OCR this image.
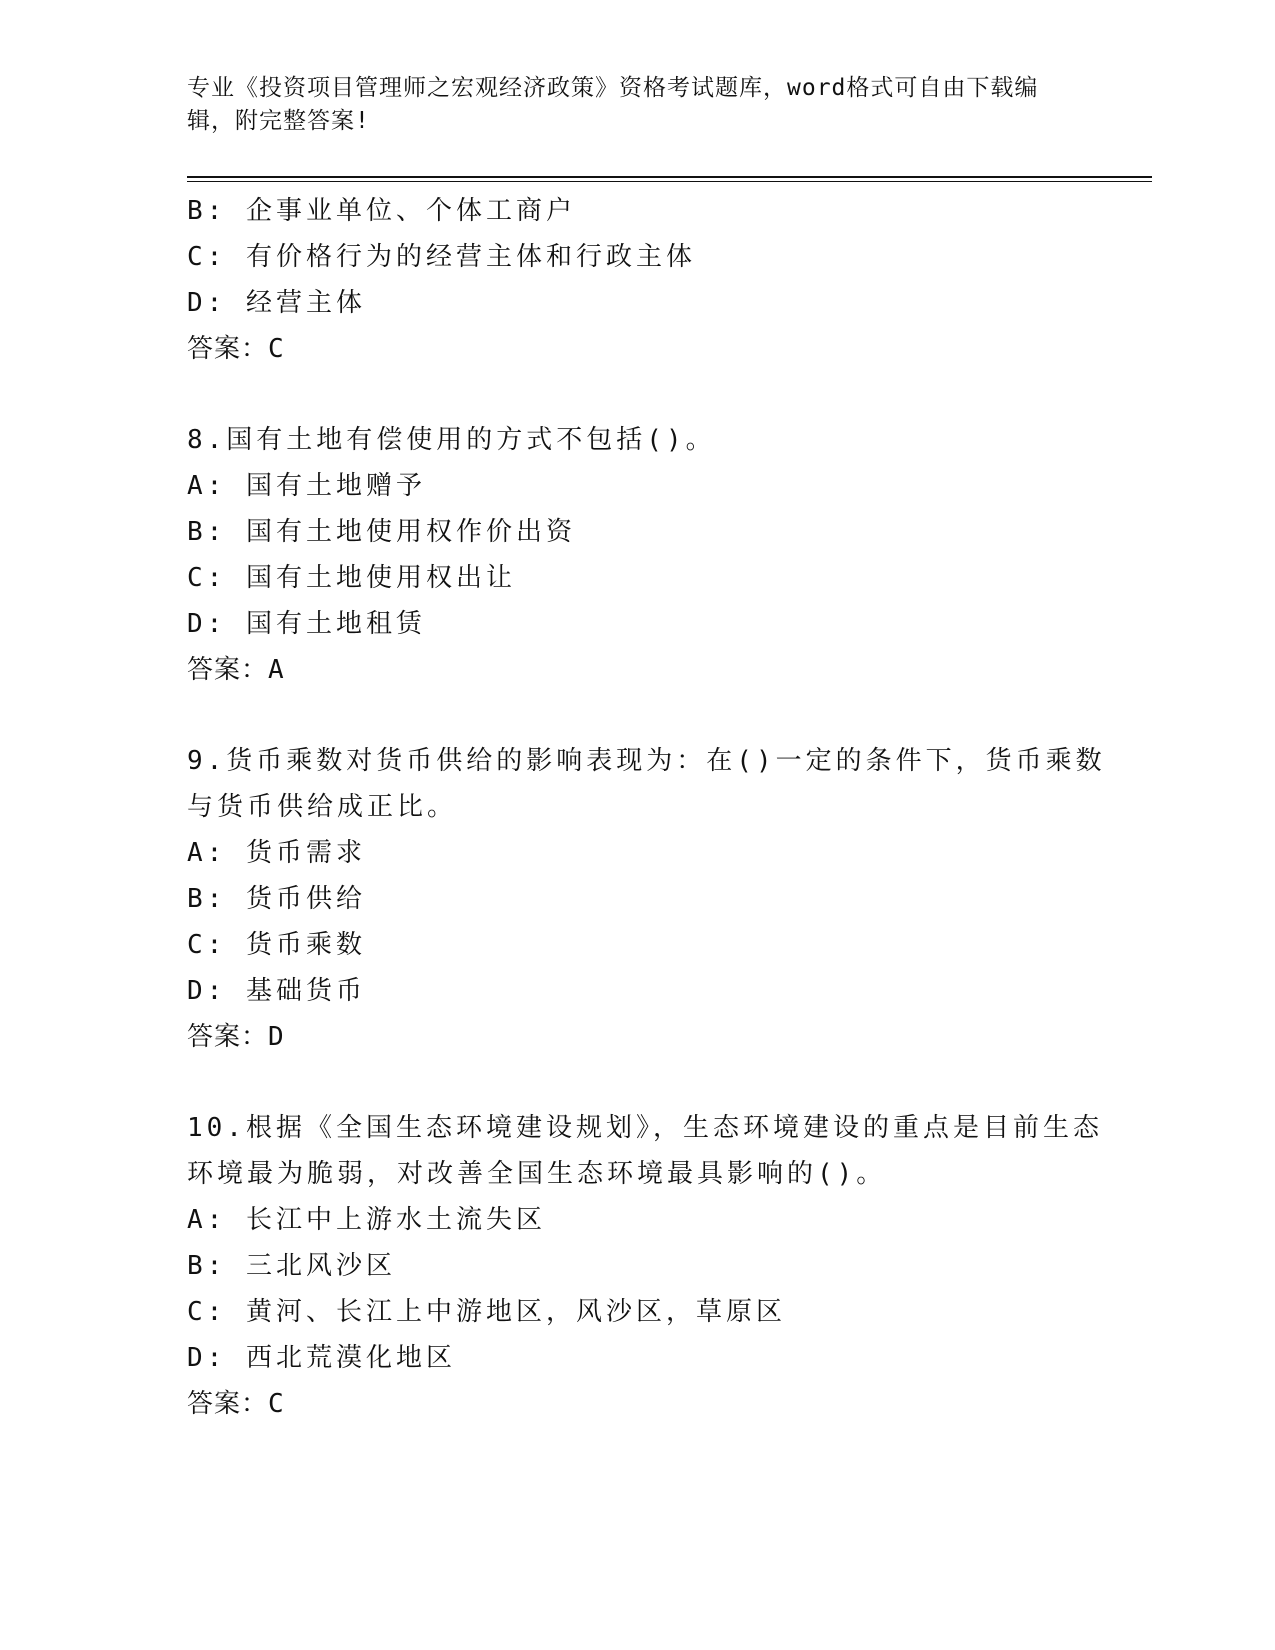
专业《投资项目管理师之宏观经济政策》资格考试题库，word格式可自由下载编
辑，附完整答案!
B: 企事业单位、个体工商户
C: 有价格行为的经营主体和行政主体
D: 经营主体
答案：C
8.国有土地有偿使用的方式不包括()。
A: 国有土地赠予
B: 国有土地使用权作价出资
C: 国有土地使用权出让
D: 国有土地租赁
答案：A
9.货币乘数对货币供给的影响表现为：在()一定的条件下，货币乘数
与货币供给成正比。
A: 货币需求
B: 货币供给
C: 货币乘数
D: 基础货币
答案：D
10.根据《全国生态环境建设规划》，生态环境建设的重点是目前生态
环境最为脆弱，对改善全国生态环境最具影响的()。
A: 长江中上游水土流失区
B: 三北风沙区
C: 黄河、长江上中游地区，风沙区，草原区
D: 西北荒漠化地区
答案：C
